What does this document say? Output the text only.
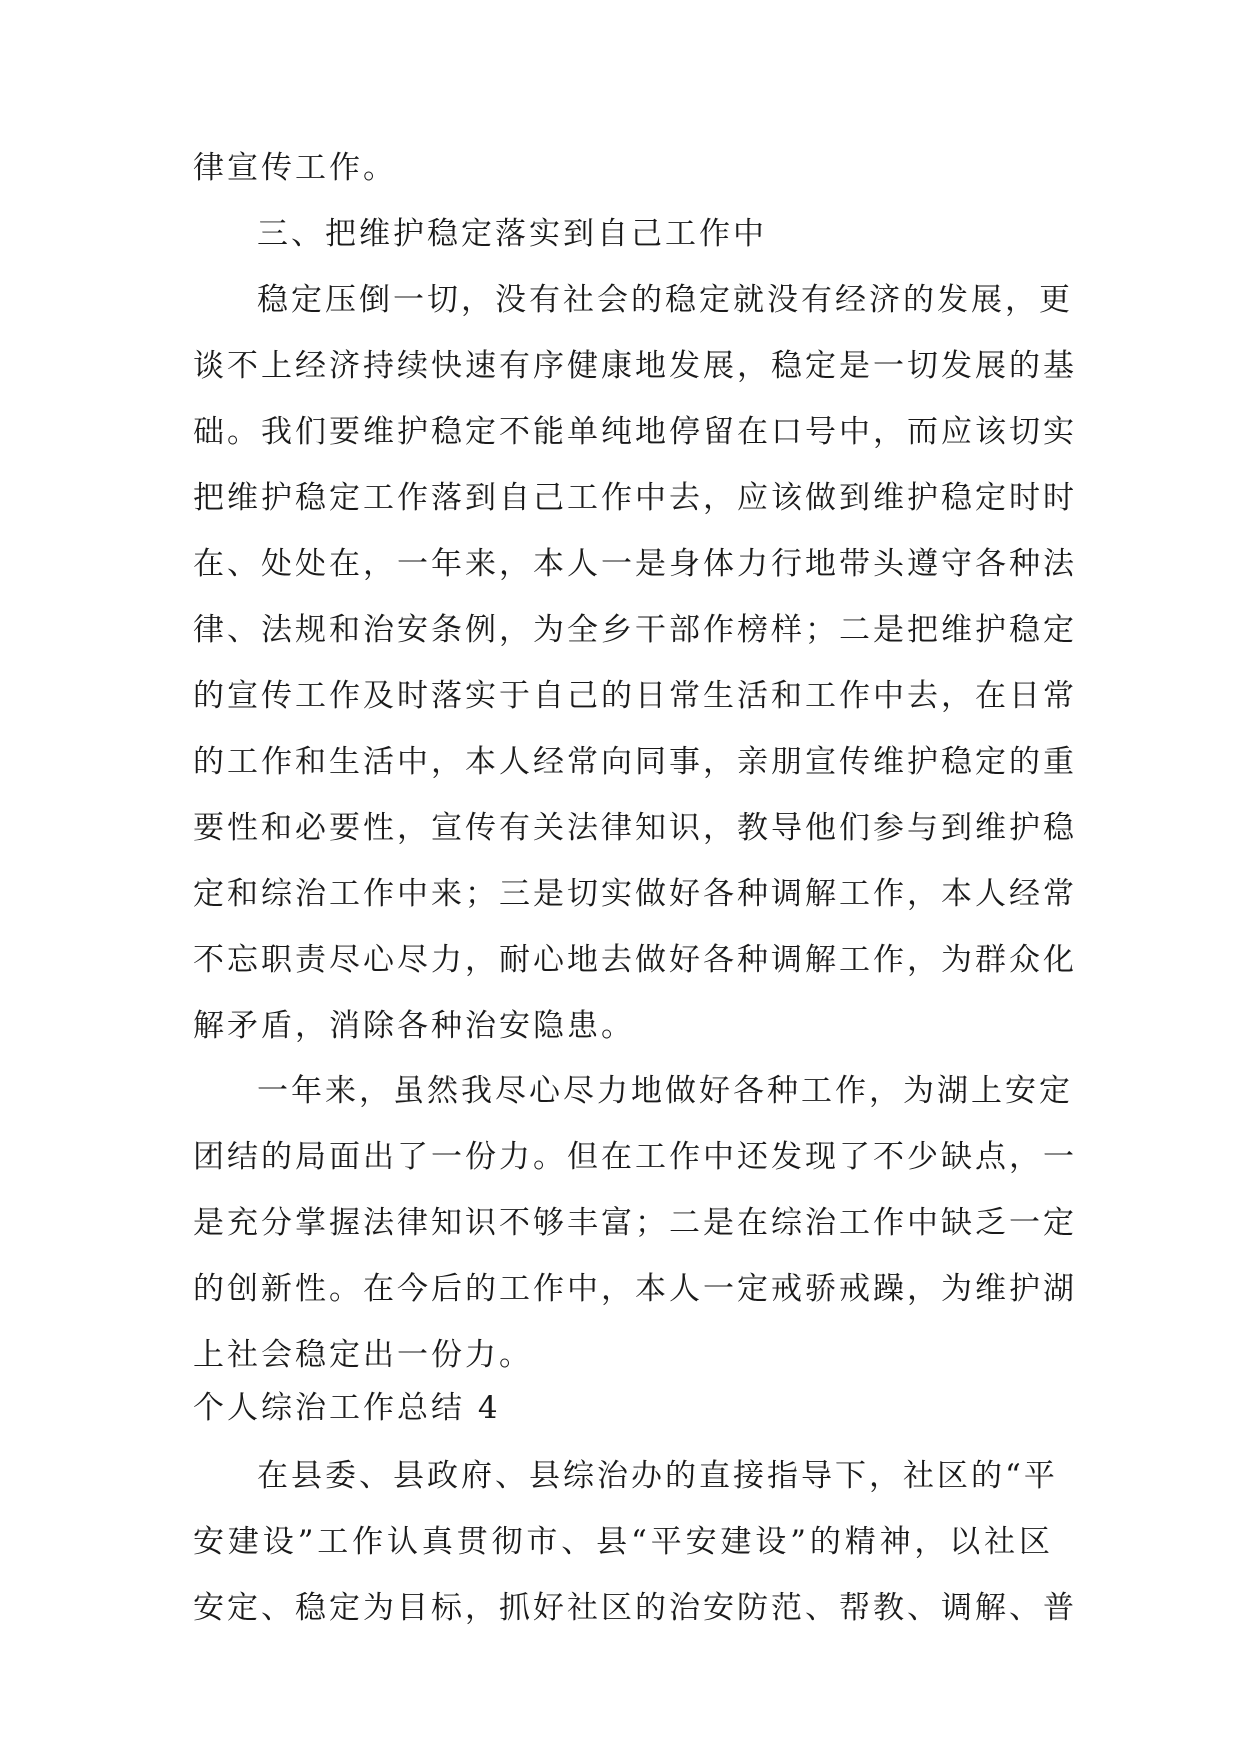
律宣传工作。
三、把维护稳定落实到自己工作中
稳定压倒一切，没有社会的稳定就没有经济的发展，更
谈不上经济持续快速有序健康地发展，稳定是一切发展的基
础。我们要维护稳定不能单纯地停留在口号中，而应该切实
把维护稳定工作落到自己工作中去，应该做到维护稳定时时
在、处处在，一年来，本人一是身体力行地带头遵守各种法
律、法规和治安条例，为全乡干部作榜样；二是把维护稳定
的宣传工作及时落实于自己的日常生活和工作中去，在日常
的工作和生活中，本人经常向同事，亲朋宣传维护稳定的重
要性和必要性，宣传有关法律知识，教导他们参与到维护稳
定和综治工作中来；三是切实做好各种调解工作，本人经常
不忘职责尽心尽力，耐心地去做好各种调解工作，为群众化
解矛盾，消除各种治安隐患。
一年来，虽然我尽心尽力地做好各种工作，为湖上安定
团结的局面出了一份力。但在工作中还发现了不少缺点，一
是充分掌握法律知识不够丰富；二是在综治工作中缺乏一定
的创新性。在今后的工作中，本人一定戒骄戒躁，为维护湖
上社会稳定出一份力。
个人综治工作总结 4
在县委、县政府、县综治办的直接指导下，社区的“平
安建设”工作认真贯彻市、县“平安建设”的精神，以社区
安定、稳定为目标，抓好社区的治安防范、帮教、调解、普
